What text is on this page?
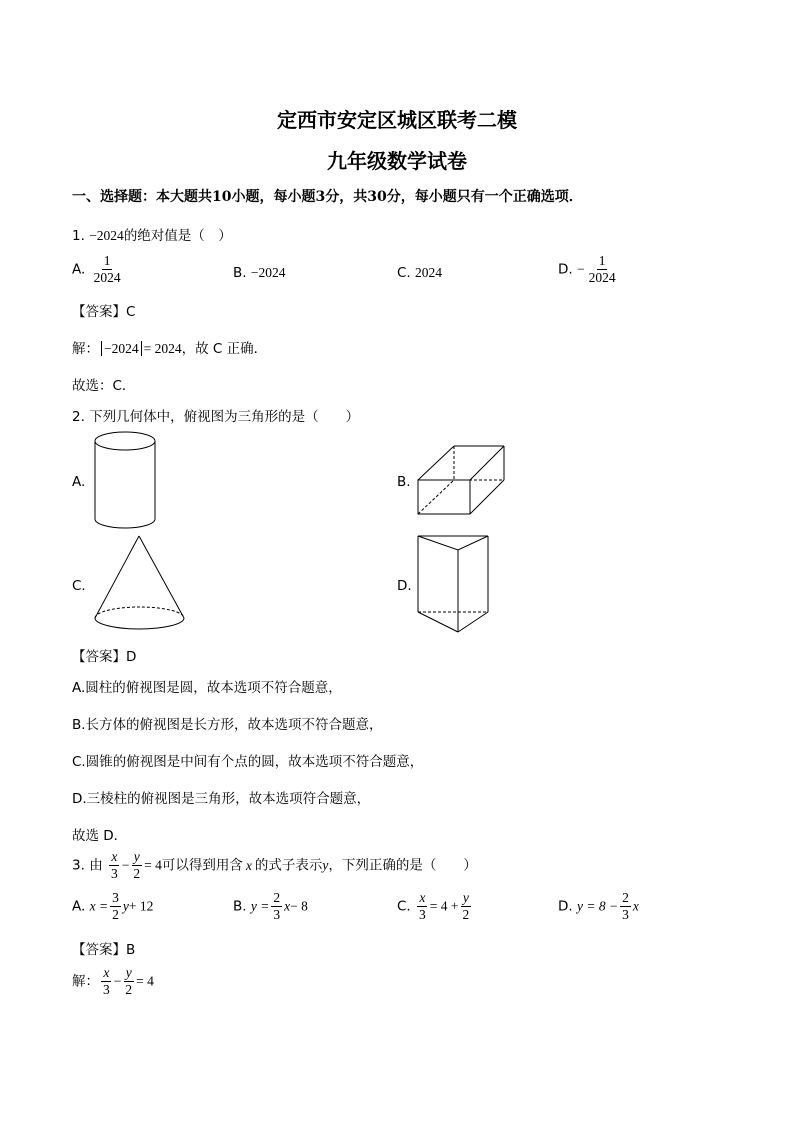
定西市安定区城区联考二模
九年级数学试卷
一、选择题：本大题共10小题，每小题3分，共30分，每小题只有一个正确选项．
1. −2024的绝对值是（　）
A. $\frac{1}{2024}$	B. −2024	C. 2024	D. − $\frac{1}{2024}$
【答案】C
解： −2024 = 2024，故 C 正确．
故选：C．
2. 下列几何体中，俯视图为三角形的是（　　）
A.	B.
C.	D.
【答案】D
A.圆柱的俯视图是圆，故本选项不符合题意，
B.长方体的俯视图是长方形，故本选项不符合题意，
C.圆锥的俯视图是中间有个点的圆，故本选项不符合题意，
D.三棱柱的俯视图是三角形，故本选项符合题意，
故选 D．
3. 由 $\frac{x}{3} - \frac{y}{2} = 4$可以得到用含 x 的式子表示y，下列正确的是（　　）
A. $x = \frac{3}{2} y+ 12$	B. $y = \frac{2}{3} x- 8$	C. $\frac{x}{3} = 4 + \frac{y}{2}$	D. $y = 8 - \frac{2}{3}$ x
【答案】B
解： $\frac{x}{3} - \frac{y}{2} = 4$
